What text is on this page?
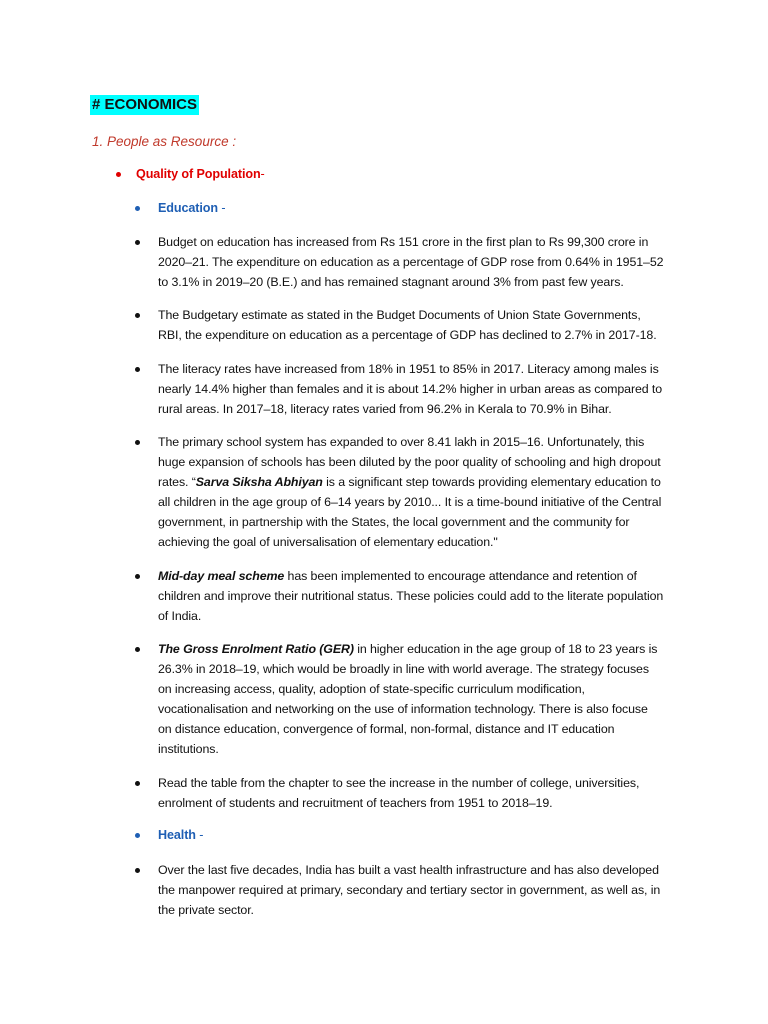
# ECONOMICS
1. People as Resource :
Quality of Population-
Education -
Budget on education has increased from Rs 151 crore in the first plan to Rs 99,300 crore in 2020–21. The expenditure on education as a percentage of GDP rose from 0.64% in 1951–52 to 3.1% in 2019–20 (B.E.) and has remained stagnant around 3% from past few years.
The Budgetary estimate as stated in the Budget Documents of Union State Governments, RBI, the expenditure on education as a percentage of GDP has declined to 2.7% in 2017-18.
The literacy rates have increased from 18% in 1951 to 85% in 2017. Literacy among males is nearly 14.4% higher than females and it is about 14.2% higher in urban areas as compared to rural areas. In 2017–18, literacy rates varied from 96.2% in Kerala to 70.9% in Bihar.
The primary school system has expanded to over 8.41 lakh in 2015–16. Unfortunately, this huge expansion of schools has been diluted by the poor quality of schooling and high dropout rates. “Sarva Siksha Abhiyan is a significant step towards providing elementary education to all children in the age group of 6–14 years by 2010... It is a time-bound initiative of the Central government, in partnership with the States, the local government and the community for achieving the goal of universalisation of elementary education."
Mid-day meal scheme has been implemented to encourage attendance and retention of children and improve their nutritional status. These policies could add to the literate population of India.
The Gross Enrolment Ratio (GER) in higher education in the age group of 18 to 23 years is 26.3% in 2018–19, which would be broadly in line with world average. The strategy focuses on increasing access, quality, adoption of state-specific curriculum modification, vocationalisation and networking on the use of information technology. There is also focuse on distance education, convergence of formal, non-formal, distance and IT education institutions.
Read the table from the chapter to see the increase in the number of college, universities, enrolment of students and recruitment of teachers from 1951 to 2018–19.
Health -
Over the last five decades, India has built a vast health infrastructure and has also developed the manpower required at primary, secondary and tertiary sector in government, as well as, in the private sector.
